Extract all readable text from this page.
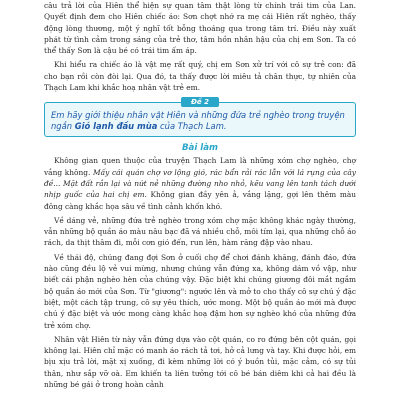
câu trả lời của Hiên thể hiện sự quan tâm thật lòng từ chính trái tim của Lan. Quyết định đem cho Hiên chiếc áo: Sơn chợt nhớ ra mẹ cái Hiên rất nghèo, thấy động lòng thương, một ý nghĩ tốt bỗng thoáng qua trong tâm trí. Điều này xuất phát từ tình cảm trong sáng của trẻ thơ, tâm hồn nhân hậu của chị em Sơn. Ta có thể thấy Sơn là cậu bé có trái tim ấm áp.

Khi hiểu ra chiếc áo là vật mẹ rất quý, chị em Sơn xử trí với cô sự trẻ con: đã cho bạn rồi còn đòi lại. Qua đó, ta thấy được lời miêu tả chân thực, tự nhiên của Thạch Lam khi khắc hoạ nhân vật trẻ em.

Đề 2

Em hãy giới thiệu nhân vật Hiên và những đứa trẻ nghèo trong truyện ngắn Gió lạnh đầu mùa của Thạch Lam.

Bài làm

Không gian quen thuộc của truyện Thạch Lam là những xóm chợ nghèo, chợ vắng không. Mấy cái quán chợ vơ lộng gió, rác bẩn rải rác lẫn với lá rụng của cây đề... Mặt đất rắn lại và nứt nẻ những đường nho nhỏ, kẽu vang lên tanh tách dưới nhịp guốc của hai chị em. Không gian đầy yên ả, vắng lặng, gợi lên thêm màu đông càng khắc họa sâu về tình cảnh khốn khó.

Về dáng vẻ, những đứa trẻ nghèo trong xóm chợ mặc không khác ngày thường, vẫn những bộ quần áo màu nâu bạc đã vá nhiều chỗ, môi tím lại, qua những chỗ áo rách, da thịt thâm đi, mỗi cơn gió đến, run lên, hàm răng đập vào nhau.

Về thái độ, chúng đang đợi Sơn ở cuối chợ để chơi đánh khăng, đánh đáo, đứa nào cũng đều lộ vẻ vui mừng, nhưng chúng vẫn đứng xa, không dám vồ vập, như biết cái phận nghèo hèn của chúng vậy. Đặc biệt khi chúng giương đôi mắt ngắm bộ quần áo mới của Sơn. Từ "giương": ngước lên và mở to cho thấy cô sự chú ý đặc biệt, một cách tập trung, cô sự yêu thích, ước mong. Một bộ quần áo mới mà được chú ý đặc biệt và ước mong càng khắc hoạ đậm hơn sự nghèo khó của những đứa trẻ xóm chợ.

Nhân vật Hiên từ này vẫn đứng dựa vào cột quán, co ro đứng bên cột quán, gọi không lại. Hiên chỉ mặc có manh áo rách tả tơi, hở cả lưng và tay. Khi được hỏi, em bịu xịu trả lời, mặt xị xuống, đi kèm những lời có ý buồn tủi, mặc cảm, có sự tủi thân, như sắp vỡ oà. Em khiến ta liên tưởng tới cô bé bán diêm khi cả hai đều là những bé gái ở trong hoàn cảnh
